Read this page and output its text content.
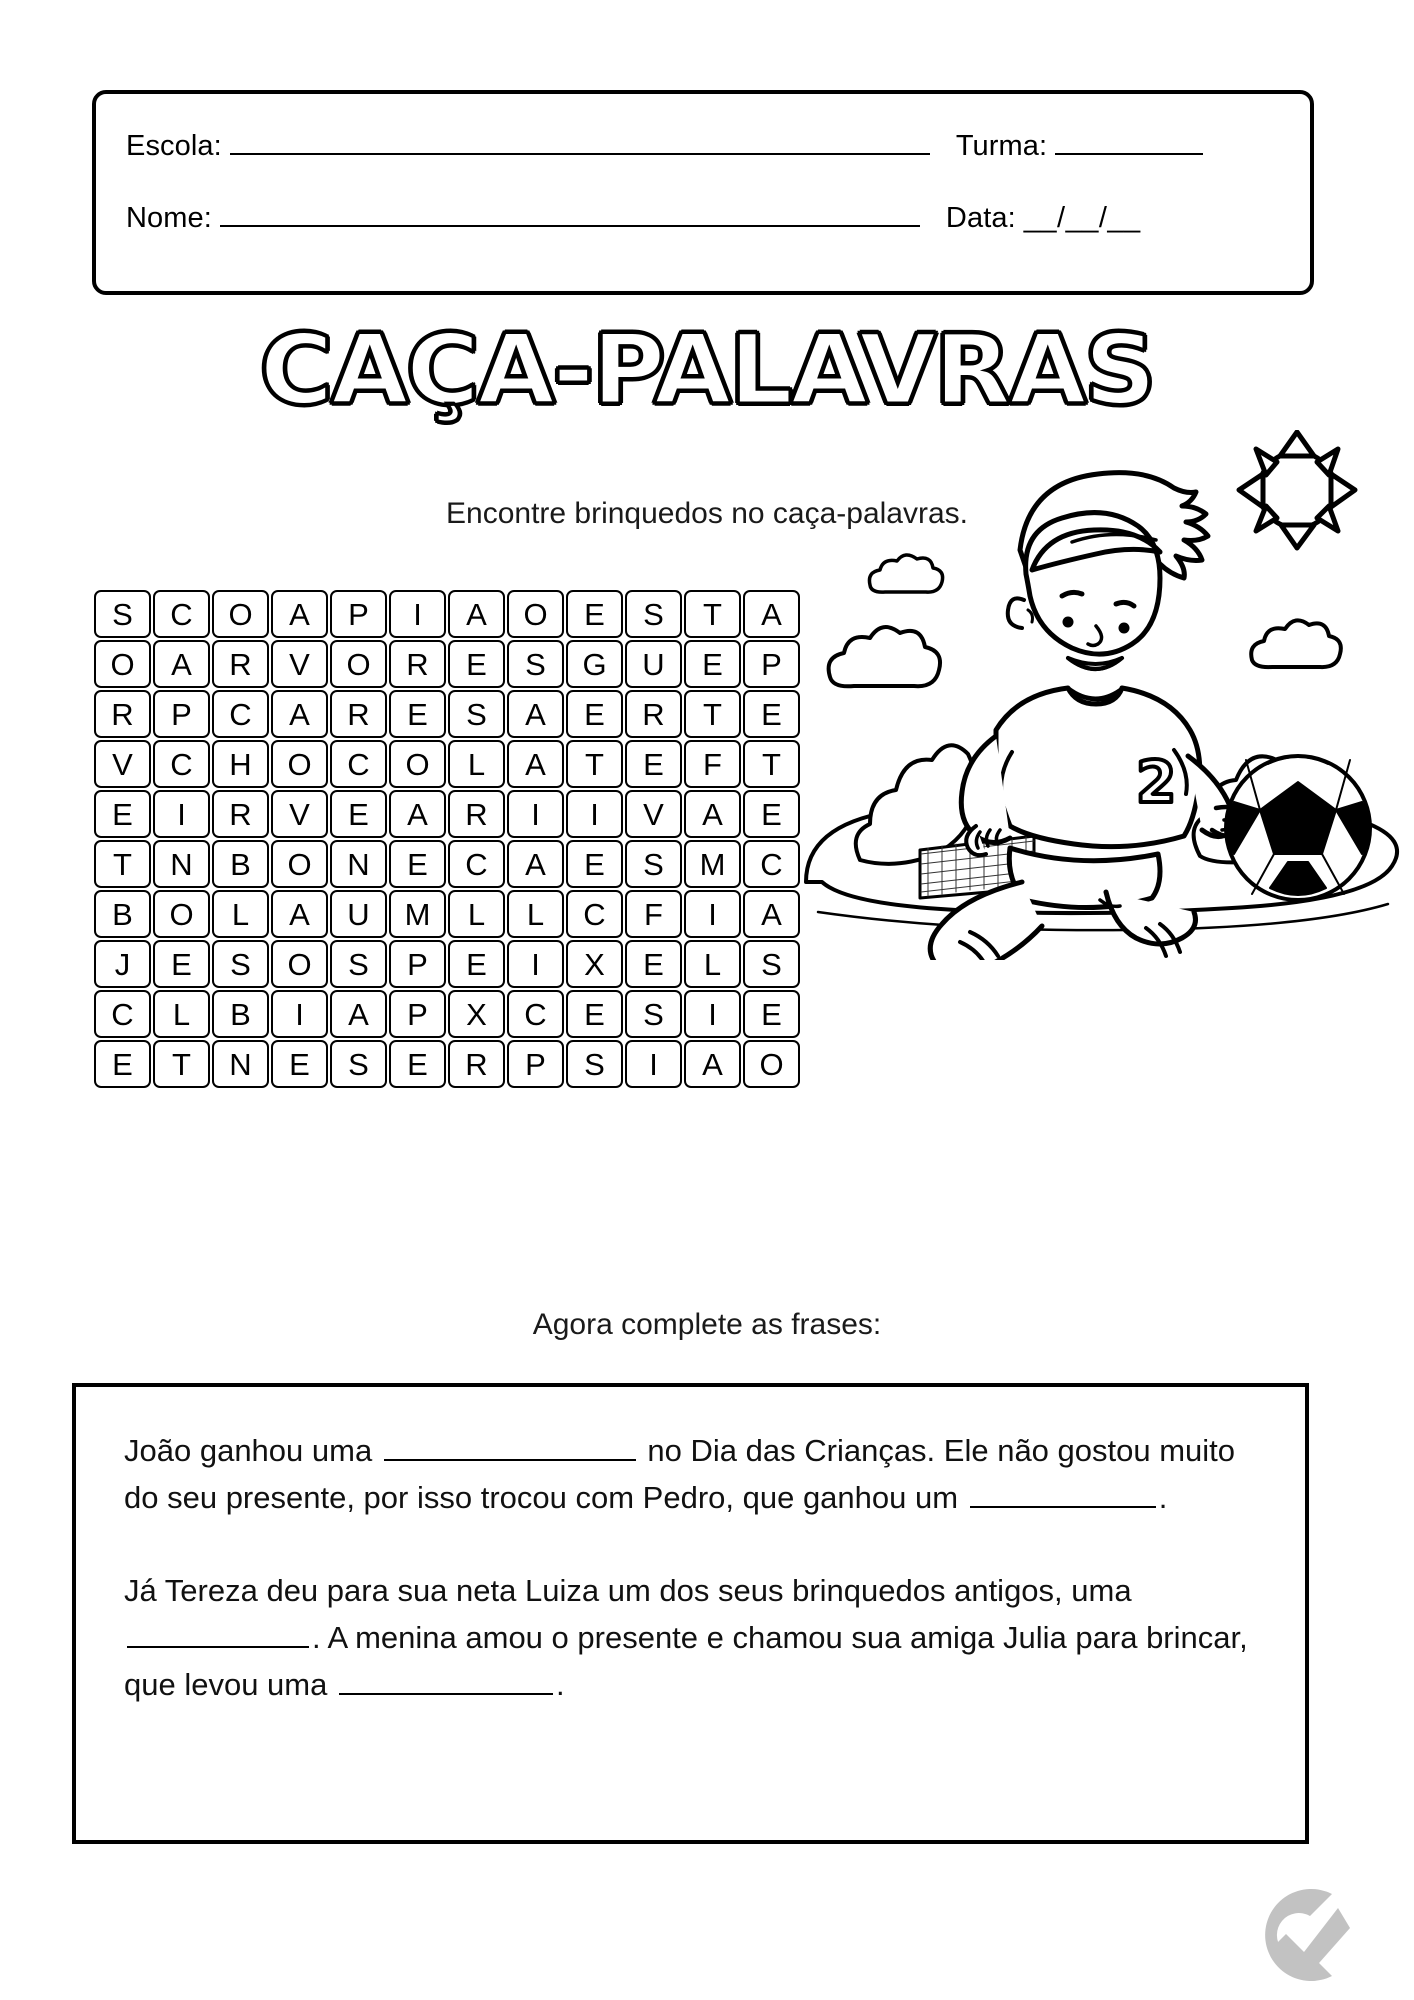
Escola:	Turma:
Nome:	Data: __/__/__
CAÇA-PALAVRAS
Encontre brinquedos no caça-palavras.
S	C	O	A	P	I	A	O	E	S	T	A
O	A	R	V	O	R	E	S	G	U	E	P
R	P	C	A	R	E	S	A	E	R	T	E
V	C	H	O	C	O	L	A	T	E	F	T
E	I	R	V	E	A	R	I	I	V	A	E
T	N	B	O	N	E	C	A	E	S	M	C
B	O	L	A	U	M	L	L	C	F	I	A
J	E	S	O	S	P	E	I	X	E	L	S
C	L	B	I	A	P	X	C	E	S	I	E
E	T	N	E	S	E	R	P	S	I	A	O
2
Agora complete as frases:

João ganhou uma	no Dia das Crianças. Ele não gostou muito do seu presente, por isso trocou com Pedro, que ganhou um	.

Já Tereza deu para sua neta Luiza um dos seus brinquedos antigos, uma . A menina amou o presente e chamou sua amiga Julia para brincar, que levou uma	.
